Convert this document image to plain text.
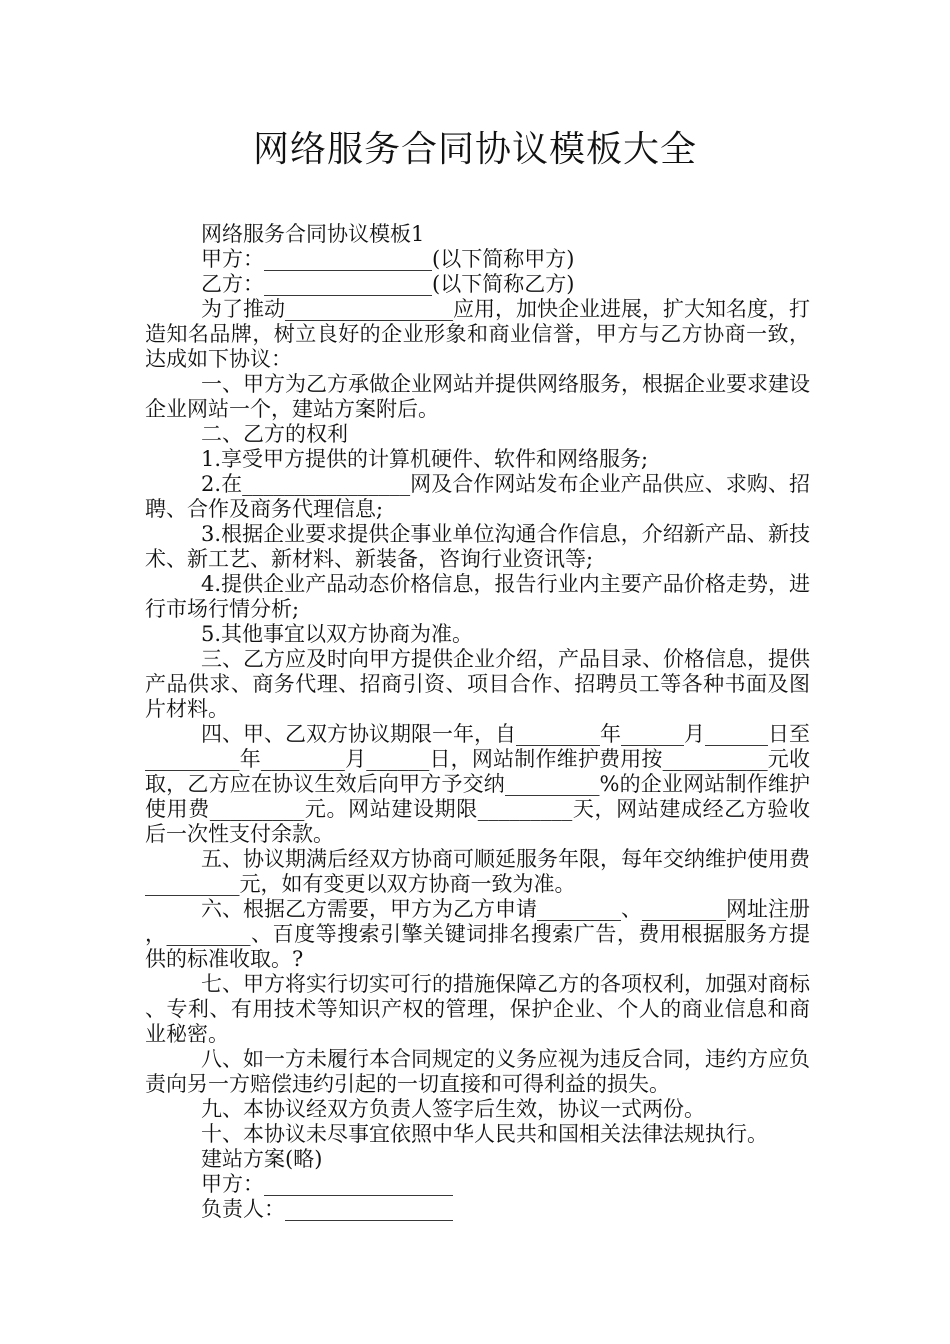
网络服务合同协议模板大全

网络服务合同协议模板1

甲方：________________(以下简称甲方)

乙方：________________(以下简称乙方)

为了推动________________应用，加快企业进展，扩大知名度，打造知名品牌，树立良好的企业形象和商业信誉，甲方与乙方协商一致，达成如下协议：

一、甲方为乙方承做企业网站并提供网络服务，根据企业要求建设企业网站一个，建站方案附后。

二、乙方的权利

1.享受甲方提供的计算机硬件、软件和网络服务;

2.在________________网及合作网站发布企业产品供应、求购、招聘、合作及商务代理信息;

3.根据企业要求提供企事业单位沟通合作信息，介绍新产品、新技术、新工艺、新材料、新装备，咨询行业资讯等;

4.提供企业产品动态价格信息，报告行业内主要产品价格走势，进行市场行情分析;

5.其他事宜以双方协商为准。

三、乙方应及时向甲方提供企业介绍，产品目录、价格信息，提供产品供求、商务代理、招商引资、项目合作、招聘员工等各种书面及图片材料。

四、甲、乙双方协议期限一年，自________年______月______日至_________年________月______日，网站制作维护费用按__________元收取，乙方应在协议生效后向甲方予交纳_________%的企业网站制作维护使用费_________元。网站建设期限_________天，网站建成经乙方验收后一次性支付余款。

五、协议期满后经双方协商可顺延服务年限，每年交纳维护使用费_________元，如有变更以双方协商一致为准。

六、根据乙方需要，甲方为乙方申请________、________网址注册，________、百度等搜索引擎关键词排名搜索广告，费用根据服务方提供的标准收取。?

七、甲方将实行切实可行的措施保障乙方的各项权利，加强对商标、专利、有用技术等知识产权的管理，保护企业、个人的商业信息和商业秘密。

八、如一方未履行本合同规定的义务应视为违反合同，违约方应负责向另一方赔偿违约引起的一切直接和可得利益的损失。

九、本协议经双方负责人签字后生效，协议一式两份。

十、本协议未尽事宜依照中华人民共和国相关法律法规执行。

建站方案(略)

甲方：__________________

负责人：________________
